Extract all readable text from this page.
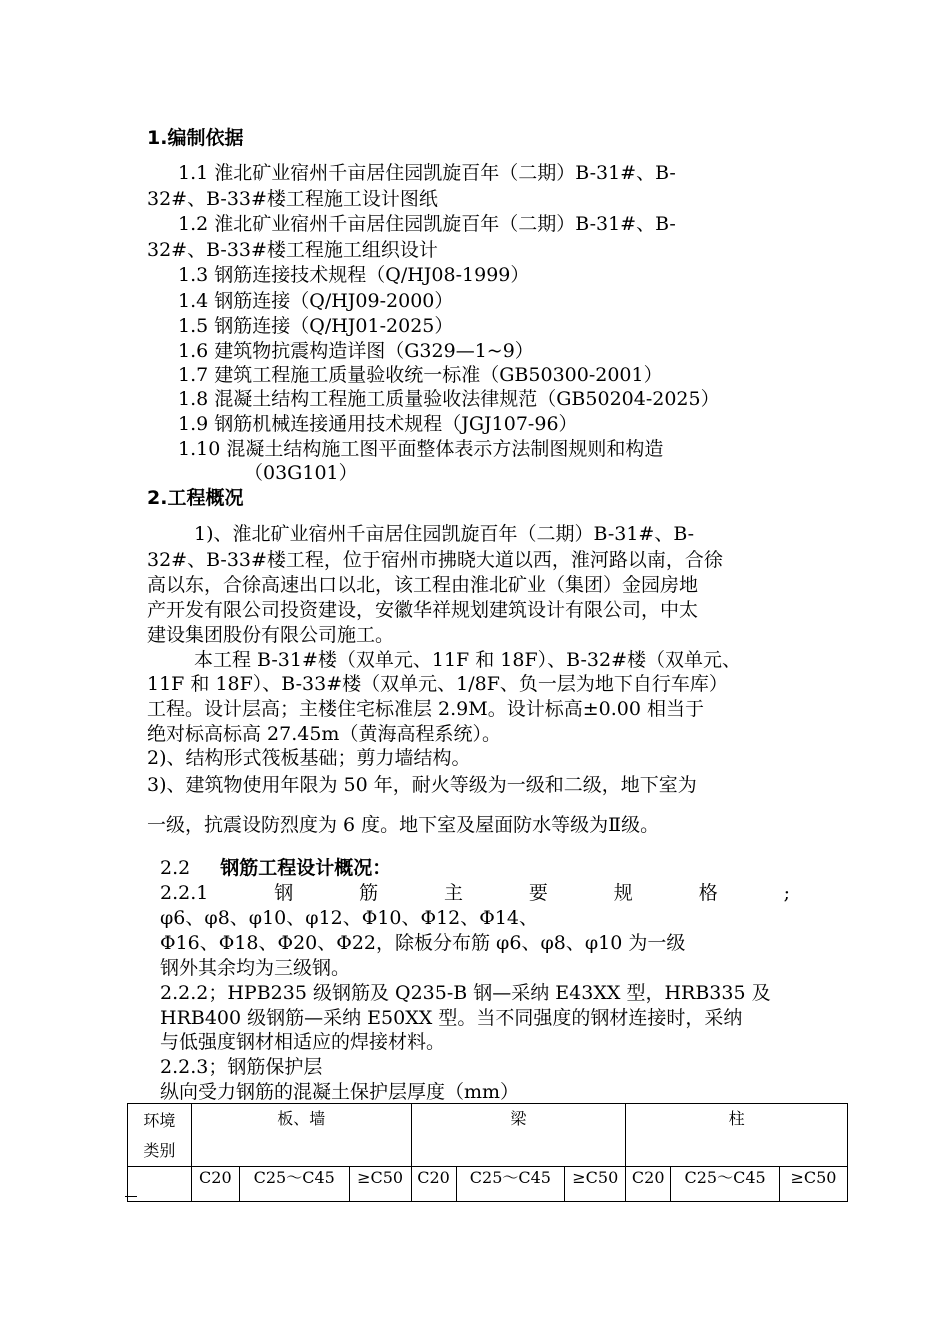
1.编制依据
1.1 淮北矿业宿州千亩居住园凯旋百年（二期）B-31#、B-
32#、B-33#楼工程施工设计图纸
1.2 淮北矿业宿州千亩居住园凯旋百年（二期）B-31#、B-
32#、B-33#楼工程施工组织设计
1.3 钢筋连接技术规程（Q/HJ08-1999）
1.4 钢筋连接（Q/HJ09-2000）
1.5 钢筋连接（Q/HJ01-2025）
1.6 建筑物抗震构造详图（G329—1~9）
1.7 建筑工程施工质量验收统一标准（GB50300-2001）
1.8 混凝土结构工程施工质量验收法律规范（GB50204-2025）
1.9 钢筋机械连接通用技术规程（JGJ107-96）
1.10 混凝土结构施工图平面整体表示方法制图规则和构造
（03G101）
2.工程概况
1)、淮北矿业宿州千亩居住园凯旋百年（二期）B-31#、B-
32#、B-33#楼工程，位于宿州市拂晓大道以西，淮河路以南，合徐
高以东，合徐高速出口以北，该工程由淮北矿业（集团）金园房地
产开发有限公司投资建设，安徽华祥规划建筑设计有限公司，中太
建设集团股份有限公司施工。
本工程 B-31#楼（双单元、11F 和 18F）、B-32#楼（双单元、
11F 和 18F）、B-33#楼（双单元、1/8F、负一层为地下自行车库）
工程。设计层高；主楼住宅标准层 2.9M。设计标高±0.00 相当于
绝对标高标高 27.45m（黄海高程系统）。
2)、结构形式筏板基础；剪力墙结构。
3)、建筑物使用年限为 50 年，耐火等级为一级和二级，地下室为
一级，抗震设防烈度为 6 度。地下室及屋面防水等级为Ⅱ级。
2.2 钢筋工程设计概况：
2.2.1	钢	筋	主	要	规	格	;
φ6、φ8、φ10、φ12、Φ10、Φ12、Φ14、
Φ16、Φ18、Φ20、Φ22，除板分布筋 φ6、φ8、φ10 为一级
钢外其余均为三级钢。
2.2.2；HPB235 级钢筋及 Q235-B 钢—采纳 E43XX 型，HRB335 及
HRB400 级钢筋—采纳 E50XX 型。当不同强度的钢材连接时，采纳
与低强度钢材相适应的焊接材料。
2.2.3；钢筋保护层
纵向受力钢筋的混凝土保护层厚度（mm）
环境
类别	板、墙			梁			柱		
	C20	C25～C45	≥C50	C20	C25～C45	≥C50	C20	C25～C45	≥C50
